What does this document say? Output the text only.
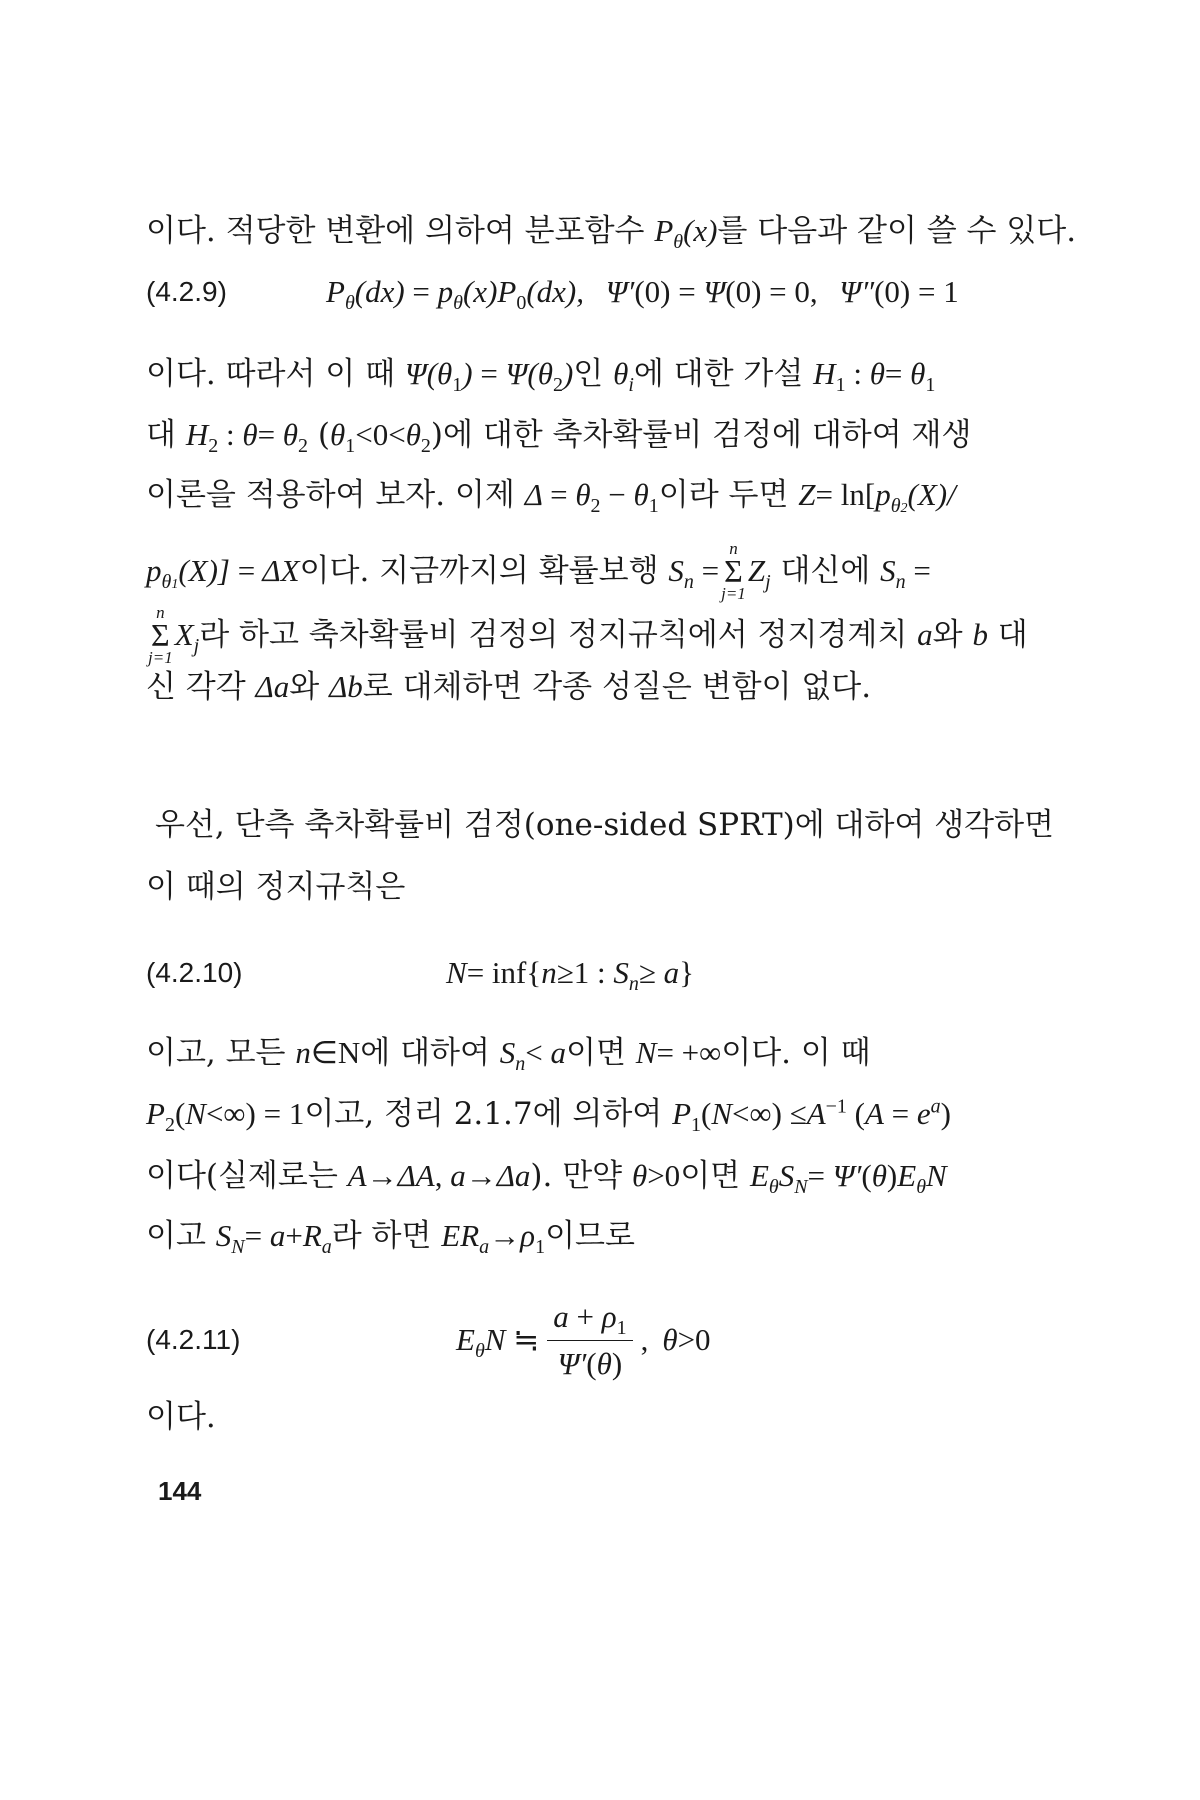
이다. 적당한 변환에 의하여 분포함수 $P_\theta(x)$ 를 다음과 같이 쓸 수 있다.
(4.2.9)	$P_\theta(dx) = p_\theta(x)P_0(dx)$, Ψ′(0) = Ψ(0) = 0, Ψ″(0) = 1
이다. 따라서 이 때 $\Psi(\theta_1) = \Psi(\theta_2)$ 인 $\theta_i$ 에 대한 가설 $H_1$ : $\theta= \theta_1$
대 $H_2$ : $\theta= \theta_2$ ( $\theta_1<0<\theta_2$ )에 대한 축차확률비 검정에 대하여 재생
이론을 적용하여 보자. 이제 $\Delta = \theta_2 - \theta_1$ 이라 두면 $Z= \ln[p_{\theta 2}(X)/$
$p_{\theta 1}(X)] = \Delta X$ 이다. 지금까지의 확률보행 $S_n$ =
n
Σ
j=1
$Z_j$ 대신에 $S_n$ =
n
Σ
j=1
$X_j$ 라 하고 축차확률비 검정의 정지규칙에서 정지경계치 a 와 b 대
신 각각 Δa 와 Δb 로 대체하면 각종 성질은 변함이 없다.
우선, 단측 축차확률비 검정(one-sided SPRT)에 대하여 생각하면
이 때의 정지규칙은
(4.2.10)	N= inf{n≥1 : $S_n\ge a$}
이고, 모든 n∈N 에 대하여 $S_n< a$ 이면 N= +∞ 이다. 이 때
$P_2(N<\infty) = 1$ 이고, 정리 2.1.7에 의하여 $P_1(N<\infty) \le A^{-1}$ $(A = e^a)$
이다(실제로는 A→ΔA, a→Δa ). 만약 θ>0 이면 $E_\theta S_N= \Psi'(\theta)E_\theta N$
이고 $S_N= a+R_a$ 라 하면 $ER_a\to\rho_1$ 이므로
(4.2.11)	$E_\theta N$ ≒ $\frac{a + \rho_1}{\Psi'(\theta)}$ , θ>0
이다.
144
